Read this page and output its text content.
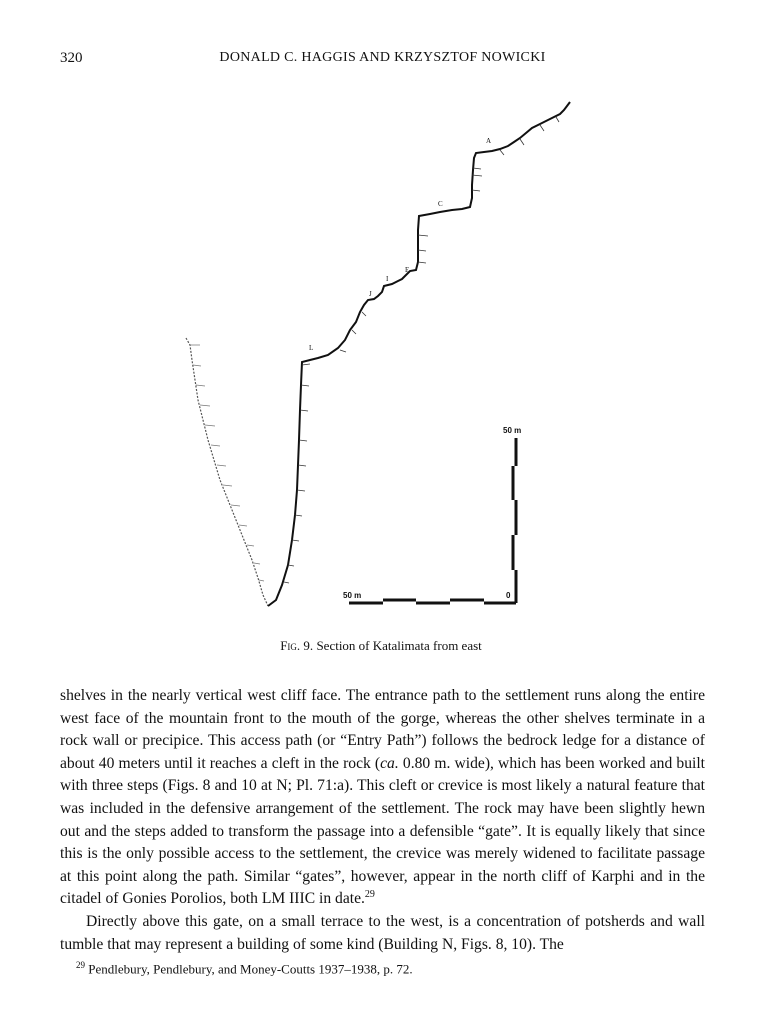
320	DONALD C. HAGGIS AND KRZYSZTOF NOWICKI
A
C
E
I
J
L
50 m
50 m	0
Fig. 9. Section of Katalimata from east

shelves in the nearly vertical west cliff face. The entrance path to the settlement runs along the entire west face of the mountain front to the mouth of the gorge, whereas the other shelves terminate in a rock wall or precipice. This access path (or “Entry Path”) follows the bedrock ledge for a distance of about 40 meters until it reaches a cleft in the rock (ca. 0.80 m. wide), which has been worked and built with three steps (Figs. 8 and 10 at N; Pl. 71:a). This cleft or crevice is most likely a natural feature that was included in the defensive arrangement of the settlement. The rock may have been slightly hewn out and the steps added to transform the passage into a defensible “gate”. It is equally likely that since this is the only possible access to the settlement, the crevice was merely widened to facilitate passage at this point along the path. Similar “gates”, however, appear in the north cliff of Karphi and in the citadel of Gonies Porolios, both LM IIIC in date.$^{29}$

Directly above this gate, on a small terrace to the west, is a concentration of potsherds and wall tumble that may represent a building of some kind (Building N, Figs. 8, 10). The

$^{29}$ Pendlebury, Pendlebury, and Money-Coutts 1937–1938, p. 72.
